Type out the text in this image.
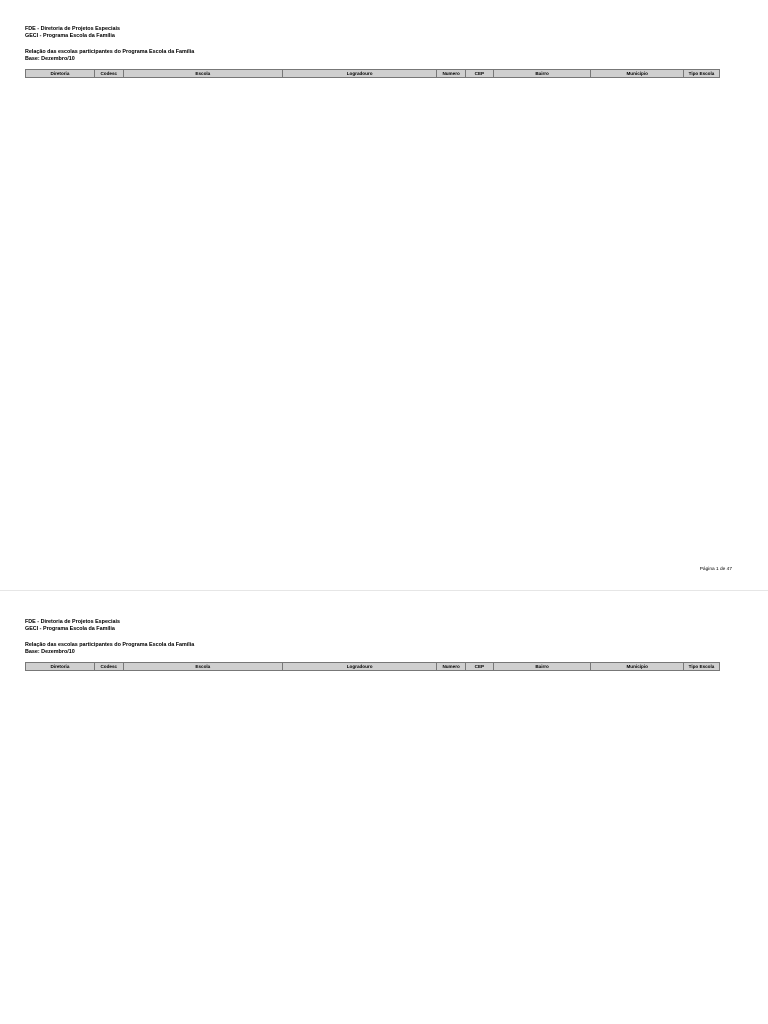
FDE - Diretoria de Projetos Especiais
GECI - Programa Escola da Família
Relação das escolas participantes do Programa Escola da Família
Base: Dezembro/10
Diretoria	Codesc	Escola	Logradouro	Numero	CEP	Bairro	Município	Tipo Escola
Página 1 de 47
FDE - Diretoria de Projetos Especiais
GECI - Programa Escola da Família
Relação das escolas participantes do Programa Escola da Família
Base: Dezembro/10
Diretoria	Codesc	Escola	Logradouro	Numero	CEP	Bairro	Município	Tipo Escola
